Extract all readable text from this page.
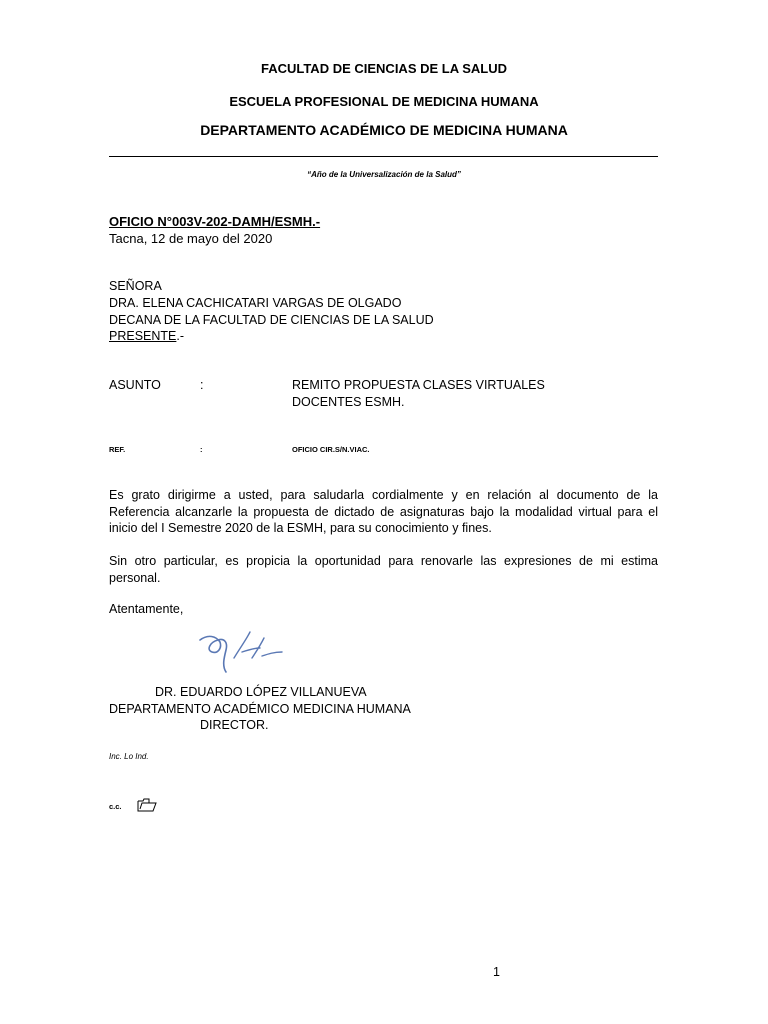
FACULTAD DE CIENCIAS DE LA SALUD
ESCUELA PROFESIONAL DE MEDICINA HUMANA
DEPARTAMENTO ACADÉMICO DE MEDICINA HUMANA
“Año de la Universalización de la Salud”
OFICIO N°003V-202-DAMH/ESMH.-
Tacna, 12 de mayo del 2020
SEÑORA
DRA. ELENA CACHICATARI VARGAS DE OLGADO
DECANA DE LA FACULTAD DE CIENCIAS DE LA SALUD
PRESENTE.-
ASUNTO	:	REMITO PROPUESTA CLASES VIRTUALES
DOCENTES ESMH.
REF.	:	OFICIO CIR.S/N.VIAC.
Es grato dirigirme a usted, para saludarla cordialmente y en relación al documento de la Referencia alcanzarle la propuesta de dictado de asignaturas bajo la modalidad virtual para el inicio del I Semestre 2020 de la ESMH, para su conocimiento y fines.
Sin otro particular, es propicia la oportunidad para renovarle las expresiones de mi estima personal.
Atentamente,
DR. EDUARDO LÓPEZ VILLANUEVA
DEPARTAMENTO ACADÉMICO MEDICINA HUMANA
DIRECTOR.
Inc. Lo Ind.
c.c.
1
